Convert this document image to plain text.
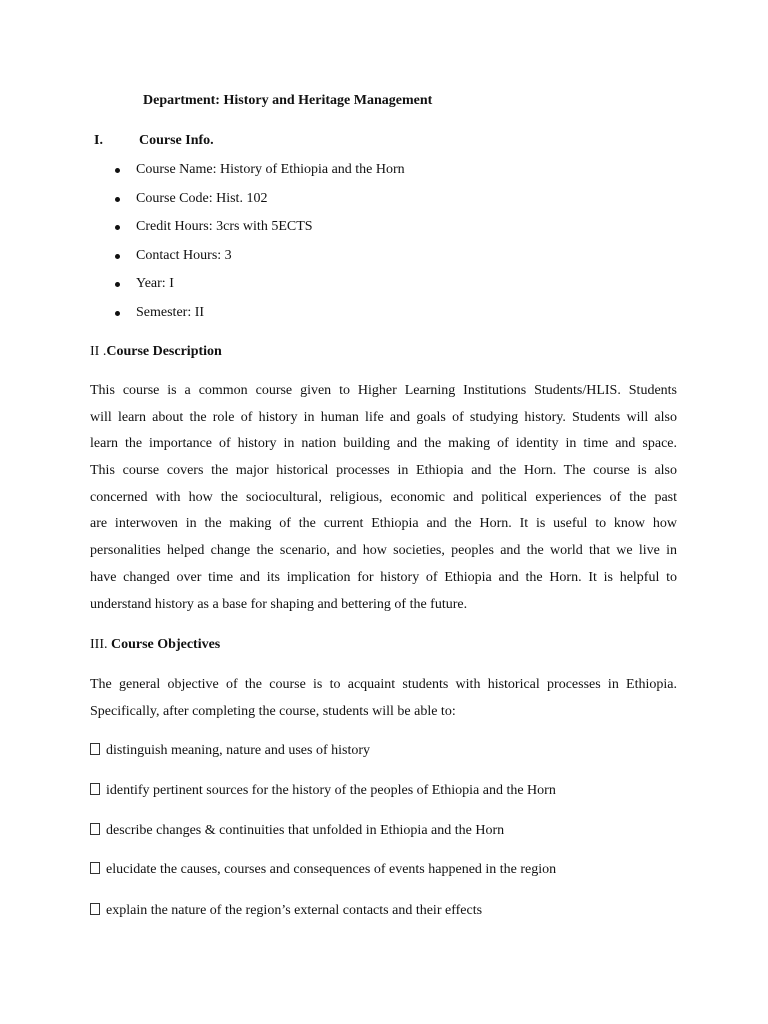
Department: History and Heritage Management
I.	Course Info.
Course Name: History of Ethiopia and the Horn
Course Code: Hist. 102
Credit Hours: 3crs with 5ECTS
Contact Hours: 3
Year: I
Semester: II
II .Course Description
This course is a common course given to Higher Learning Institutions Students/HLIS. Students
will learn about the role of history in human life and goals of studying history. Students will also
learn the importance of history in nation building and the making of identity in time and space.
This course covers the major historical processes in Ethiopia and the Horn. The course is also
concerned with how the sociocultural, religious, economic and political experiences of the past
are interwoven in the making of the current Ethiopia and the Horn. It is useful to know how
personalities helped change the scenario, and how societies, peoples and the world that we live in
have changed over time and its implication for history of Ethiopia and the Horn. It is helpful to
understand history as a base for shaping and bettering of the future.
III. Course Objectives
The general objective of the course is to acquaint students with historical processes in Ethiopia.
Specifically, after completing the course, students will be able to:
distinguish meaning, nature and uses of history
identify pertinent sources for the history of the peoples of Ethiopia and the Horn
describe changes & continuities that unfolded in Ethiopia and the Horn
elucidate the causes, courses and consequences of events happened in the region
explain the nature of the region’s external contacts and their effects
